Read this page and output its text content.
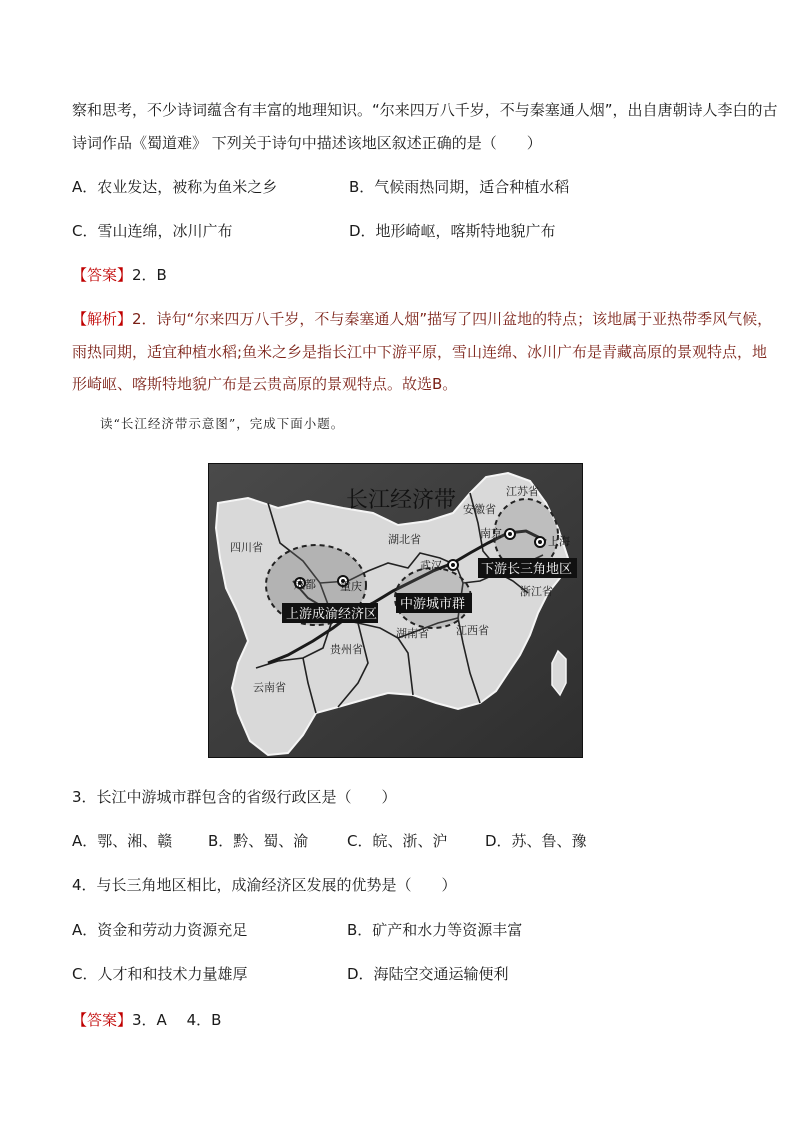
察和思考，不少诗词蕴含有丰富的地理知识。“尔来四万八千岁，不与秦塞通人烟”，出自唐朝诗人李白的古
诗词作品《蜀道难》 下列关于诗句中描述该地区叙述正确的是（　　）
A．农业发达，被称为鱼米之乡	B．气候雨热同期，适合种植水稻
C．雪山连绵，冰川广布	D．地形崎岖，喀斯特地貌广布
【答案】2．B
【解析】2．诗句“尔来四万八千岁，不与秦塞通人烟”描写了四川盆地的特点；该地属于亚热带季风气候，
雨热同期，适宜种植水稻;鱼米之乡是指长江中下游平原，雪山连绵、冰川广布是青藏高原的景观特点，地
形崎岖、喀斯特地貌广布是云贵高原的景观特点。故选B。
读“长江经济带示意图”，完成下面小题。
长江经济带
四川省
湖北省
安徽省
江苏省
浙江省
湖南省 江西省
贵州省
云南省
成都 重庆
武汉
南京
上海
上游成渝经济区
中游城市群
下游长三角地区
3．长江中游城市群包含的省级行政区是（　　）
A．鄂、湘、赣 B．黔、蜀、渝	C．皖、浙、沪	D．苏、鲁、豫
4．与长三角地区相比，成渝经济区发展的优势是（　　）
A．资金和劳动力资源充足	B．矿产和水力等资源丰富
C．人才和和技术力量雄厚	D．海陆空交通运输便利
【答案】3．A　 4．B
